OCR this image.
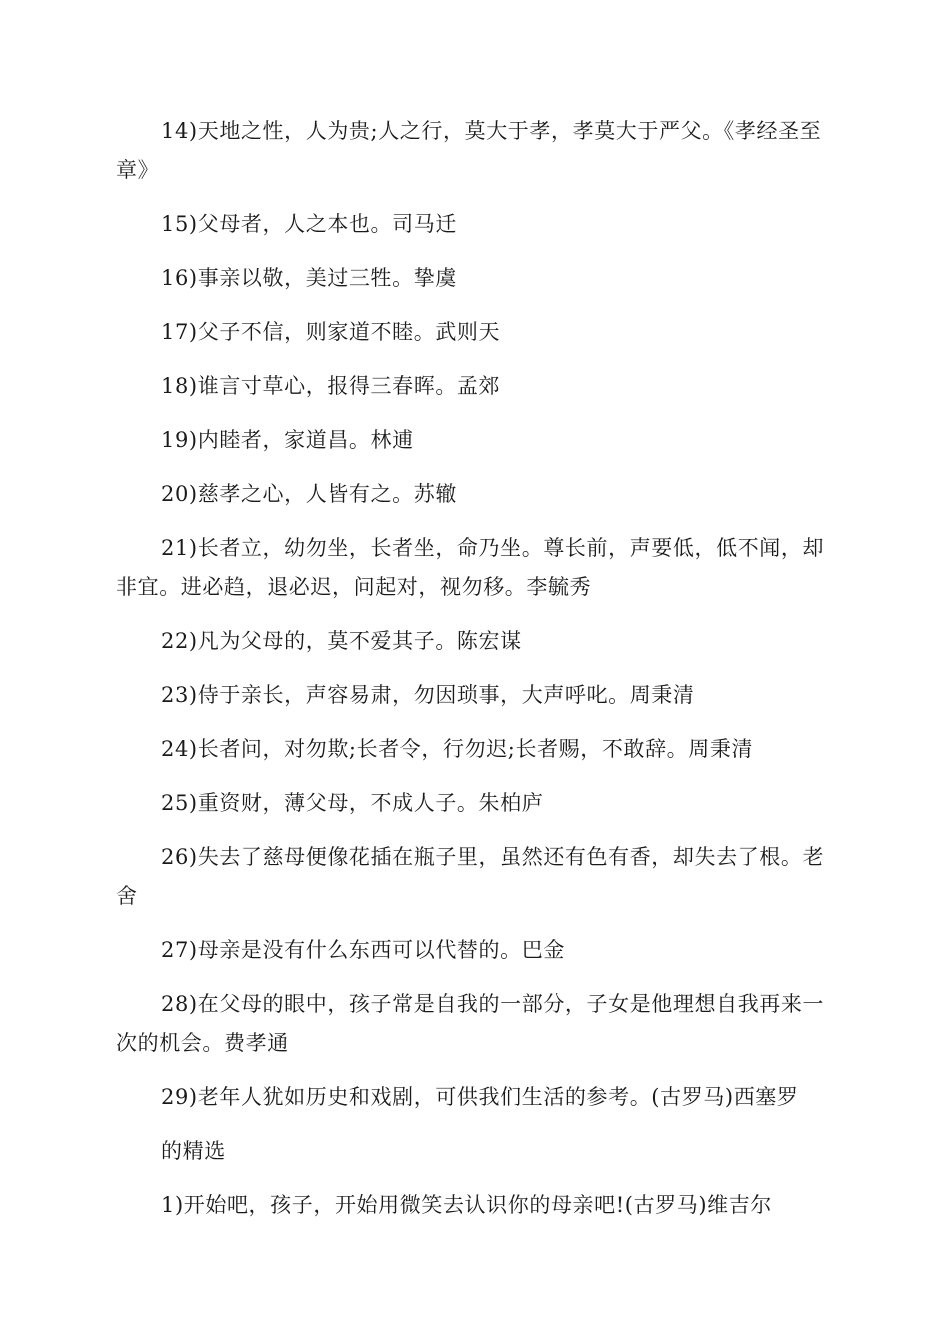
14)天地之性，人为贵;人之行，莫大于孝，孝莫大于严父。《孝经圣至章》

15)父母者，人之本也。司马迁

16)事亲以敬，美过三牲。挚虞

17)父子不信，则家道不睦。武则天

18)谁言寸草心，报得三春晖。孟郊

19)内睦者，家道昌。林逋

20)慈孝之心，人皆有之。苏辙

21)长者立，幼勿坐，长者坐，命乃坐。尊长前，声要低，低不闻，却非宜。进必趋，退必迟，问起对，视勿移。李毓秀

22)凡为父母的，莫不爱其子。陈宏谋

23)侍于亲长，声容易肃，勿因琐事，大声呼叱。周秉清

24)长者问，对勿欺;长者令，行勿迟;长者赐，不敢辞。周秉清

25)重资财，薄父母，不成人子。朱柏庐

26)失去了慈母便像花插在瓶子里，虽然还有色有香，却失去了根。老舍

27)母亲是没有什么东西可以代替的。巴金

28)在父母的眼中，孩子常是自我的一部分，子女是他理想自我再来一次的机会。费孝通

29)老年人犹如历史和戏剧，可供我们生活的参考。(古罗马)西塞罗

的精选

1)开始吧，孩子，开始用微笑去认识你的母亲吧!(古罗马)维吉尔
